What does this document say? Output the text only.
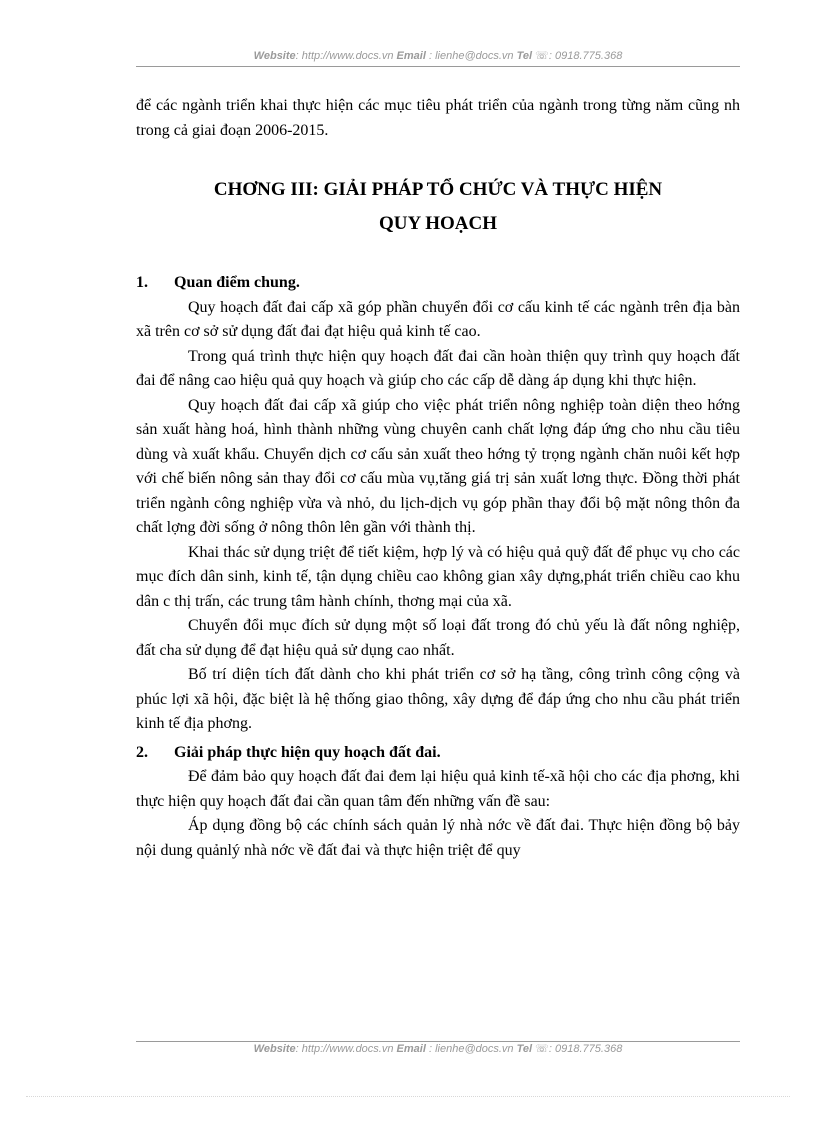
Website: http://www.docs.vn Email : lienhe@docs.vn Tel ☏: 0918.775.368

để các ngành triển khai thực hiện các mục tiêu phát triển của ngành trong từng năm cũng nh trong cả giai đoạn 2006-2015.

CHƠNG III: GIẢI PHÁP TỔ CHỨC VÀ THỰC HIỆN
QUY HOẠCH

1. Quan điểm chung.

Quy hoạch đất đai cấp xã góp phần chuyển đổi cơ cấu kinh tế các ngành trên địa bàn xã trên cơ sở sử dụng đất đai đạt hiệu quả kinh tế cao.

Trong quá trình thực hiện quy hoạch đất đai cần hoàn thiện quy trình quy hoạch đất đai để nâng cao hiệu quả quy hoạch và giúp cho các cấp dễ dàng áp dụng khi thực hiện.

Quy hoạch đất đai cấp xã giúp cho việc phát triển nông nghiệp toàn diện theo hớng sản xuất hàng hoá, hình thành những vùng chuyên canh chất lợng đáp ứng cho nhu cầu tiêu dùng và xuất khẩu. Chuyển dịch cơ cấu sản xuất theo hớng tỷ trọng ngành chăn nuôi kết hợp với chế biến nông sản thay đổi cơ cấu mùa vụ,tăng giá trị sản xuất lơng thực. Đồng thời phát triển ngành công nghiệp vừa và nhỏ, du lịch-dịch vụ góp phần thay đổi bộ mặt nông thôn đa chất lợng đời sống ở nông thôn lên gần với thành thị.

Khai thác sử dụng triệt để tiết kiệm, hợp lý và có hiệu quả quỹ đất để phục vụ cho các mục đích dân sinh, kinh tế, tận dụng chiều cao không gian xây dựng,phát triển chiều cao khu dân c thị trấn, các trung tâm hành chính, thơng mại của xã.

Chuyển đổi mục đích sử dụng một số loại đất trong đó chủ yếu là đất nông nghiệp, đất cha sử dụng để đạt hiệu quả sử dụng cao nhất.

Bố trí diện tích đất dành cho khi phát triển cơ sở hạ tầng, công trình công cộng và phúc lợi xã hội, đặc biệt là hệ thống giao thông, xây dựng để đáp ứng cho nhu cầu phát triển kinh tế địa phơng.

2. Giải pháp thực hiện quy hoạch đất đai.

Để đảm bảo quy hoạch đất đai đem lại hiệu quả kinh tế-xã hội cho các địa phơng, khi thực hiện quy hoạch đất đai cần quan tâm đến những vấn đề sau:

Áp dụng đồng bộ các chính sách quản lý nhà nớc về đất đai. Thực hiện đồng bộ bảy nội dung quảnlý nhà nớc về đất đai và thực hiện triệt để quy

Website: http://www.docs.vn Email : lienhe@docs.vn Tel ☏: 0918.775.368
